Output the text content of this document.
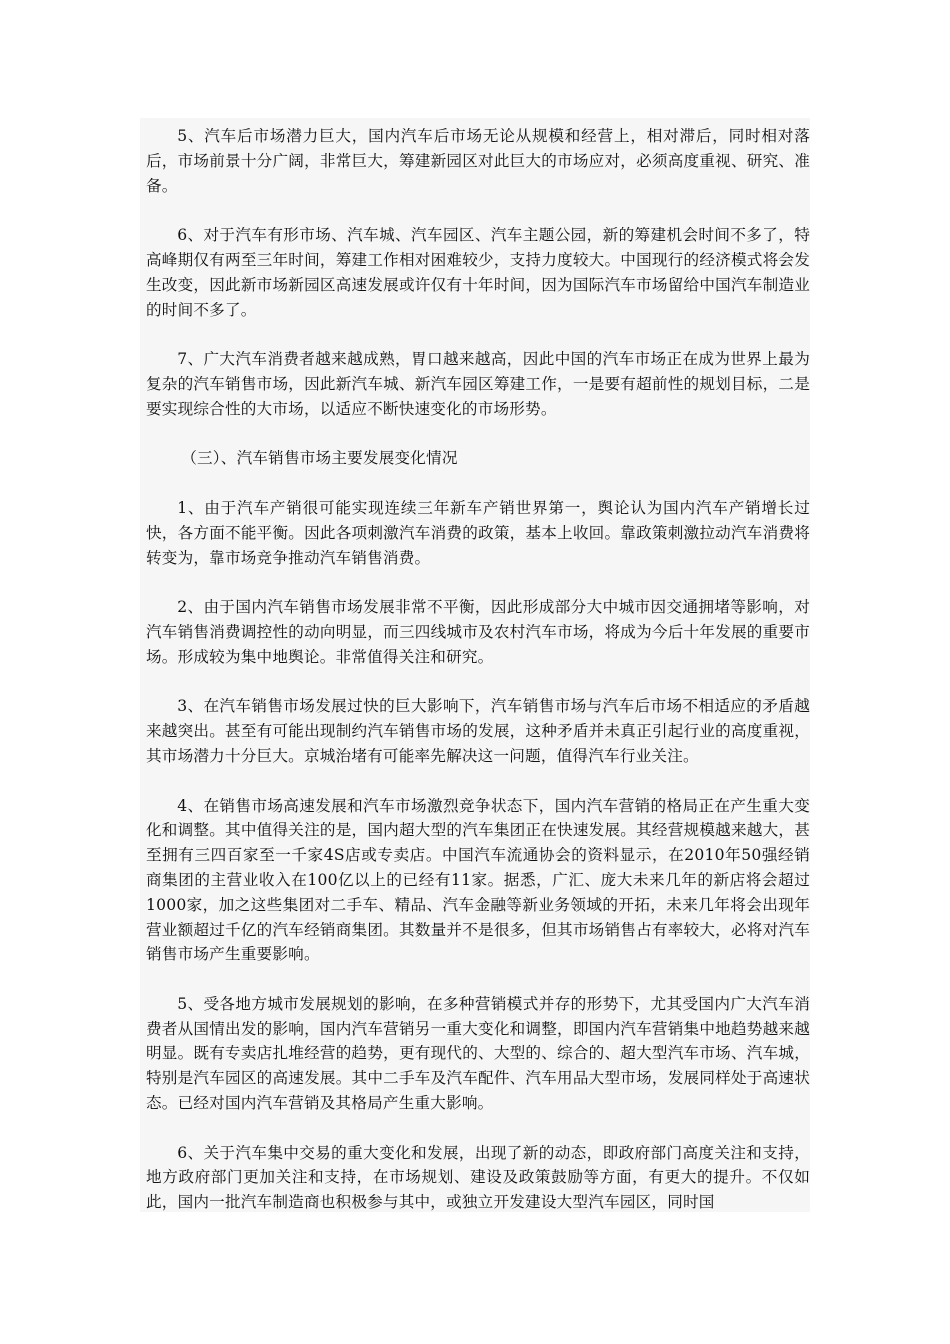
5、汽车后市场潜力巨大，国内汽车后市场无论从规模和经营上，相对滞后，同时相对落后，市场前景十分广阔，非常巨大，筹建新园区对此巨大的市场应对，必须高度重视、研究、准备。

6、对于汽车有形市场、汽车城、汽车园区、汽车主题公园，新的筹建机会时间不多了，特高峰期仅有两至三年时间，筹建工作相对困难较少，支持力度较大。中国现行的经济模式将会发生改变，因此新市场新园区高速发展或许仅有十年时间，因为国际汽车市场留给中国汽车制造业的时间不多了。

7、广大汽车消费者越来越成熟，胃口越来越高，因此中国的汽车市场正在成为世界上最为复杂的汽车销售市场，因此新汽车城、新汽车园区筹建工作，一是要有超前性的规划目标，二是要实现综合性的大市场，以适应不断快速变化的市场形势。

（三）、汽车销售市场主要发展变化情况

1、由于汽车产销很可能实现连续三年新车产销世界第一，舆论认为国内汽车产销增长过快，各方面不能平衡。因此各项刺激汽车消费的政策，基本上收回。靠政策刺激拉动汽车消费将转变为，靠市场竞争推动汽车销售消费。

2、由于国内汽车销售市场发展非常不平衡，因此形成部分大中城市因交通拥堵等影响，对汽车销售消费调控性的动向明显，而三四线城市及农村汽车市场，将成为今后十年发展的重要市场。形成较为集中地舆论。非常值得关注和研究。

3、在汽车销售市场发展过快的巨大影响下，汽车销售市场与汽车后市场不相适应的矛盾越来越突出。甚至有可能出现制约汽车销售市场的发展，这种矛盾并未真正引起行业的高度重视，其市场潜力十分巨大。京城治堵有可能率先解决这一问题，值得汽车行业关注。

4、在销售市场高速发展和汽车市场激烈竞争状态下，国内汽车营销的格局正在产生重大变化和调整。其中值得关注的是，国内超大型的汽车集团正在快速发展。其经营规模越来越大，甚至拥有三四百家至一千家4S店或专卖店。中国汽车流通协会的资料显示，在2010年50强经销商集团的主营业收入在100亿以上的已经有11家。据悉，广汇、庞大未来几年的新店将会超过1000家，加之这些集团对二手车、精品、汽车金融等新业务领域的开拓，未来几年将会出现年营业额超过千亿的汽车经销商集团。其数量并不是很多，但其市场销售占有率较大，必将对汽车销售市场产生重要影响。

5、受各地方城市发展规划的影响，在多种营销模式并存的形势下，尤其受国内广大汽车消费者从国情出发的影响，国内汽车营销另一重大变化和调整，即国内汽车营销集中地趋势越来越明显。既有专卖店扎堆经营的趋势，更有现代的、大型的、综合的、超大型汽车市场、汽车城，特别是汽车园区的高速发展。其中二手车及汽车配件、汽车用品大型市场，发展同样处于高速状态。已经对国内汽车营销及其格局产生重大影响。

6、关于汽车集中交易的重大变化和发展，出现了新的动态，即政府部门高度关注和支持，地方政府部门更加关注和支持，在市场规划、建设及政策鼓励等方面，有更大的提升。不仅如此，国内一批汽车制造商也积极参与其中，或独立开发建设大型汽车园区，同时国
